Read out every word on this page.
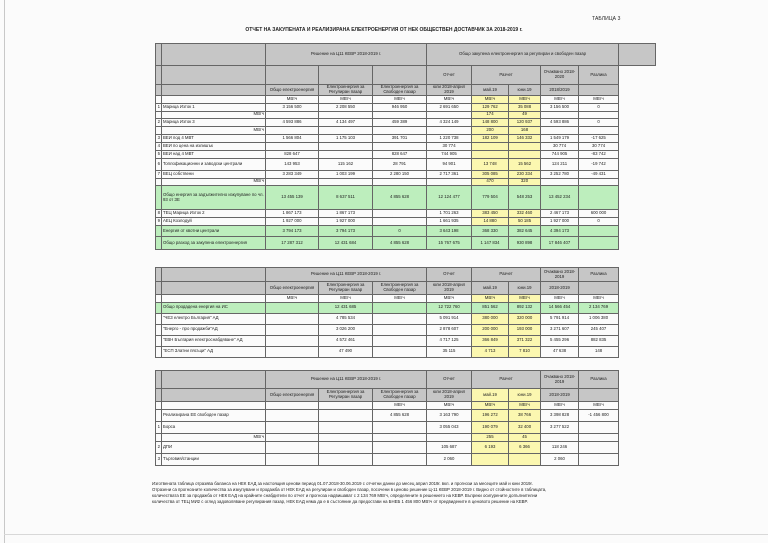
ТАБЛИЦА 3
ОТЧЕТ НА ЗАКУПЕНАТА И РЕАЛИЗИРАНА ЕЛЕКТРОЕНЕРГИЯ ОТ НЕК ОБЩЕСТВЕН ДОСТАВЧИК ЗА 2018-2019 г.
		Решение на Ц11 КЕВР 2018-2019 г.			Общо закупена електроенергия за регулиран и свободен пазар					
					Отчет	Разчет		Очаквано 2018-2020	Разлика	
		Общо електроенергия	Електроенергия за Регулиран пазар	Електроенергия за Свободен пазар	юли 2018-април 2019	май.19	юни.19	2018/2019		
		МВтч	МВтч	МВтч	МВтч	МВтч	МВтч	МВтч	МВтч	
1	Марица Изток 1	3 156 500	2 208 550	946 950	2 691 650	129 762	35 088	3 156 500	0	
	МВтч					174	49			
2	Марица Изток 3	4 593 886	4 134 497	459 389	4 324 149	148 800	120 937	4 593 886	0	
	МВтч					200	168			
3	ВЕИ под 4 МВТ	1 566 804	1 175 103	391 701	1 220 738	182 109	146 332	1 549 179	-17 625	
4	ВЕИ по цена на излишък				30 774			30 774	30 774	
5	ВЕИ над 4 МВТ	828 647		828 647	744 905			744 905	-83 742	
6	Топлофикационни и заводски централи	143 953	115 162	28 791	94 901	13 748	15 562	124 211	-19 742	
7	ВЕЦ собствени	3 283 349	1 003 199	2 280 150	2 717 361	305 085	230 334	3 252 780	-49 431	
	МВтч					470	320			
	Общо енергия за задължително изкупуване по чл. 93 от ЗЕ	13 455 139	8 637 511	4 855 628	12 124 477	779 504	548 253	13 452 234		
8	ТЕЦ Марица Изток 2	1 867 173	1 867 173		1 701 263	383 450	332 460	2 467 173	600 000	
9	АЕЦ Козлодуй	1 927 000	1 927 000		1 661 935	14 880	50 185	1 927 000	0	
	Енергия от квотни централи	3 794 173	3 794 173	0	3 643 198	368 330	382 645	4 394 173		
	Общо разход за закупена електроенергия	17 287 312	12 431 684	4 855 628	15 767 675	1 147 834	930 898	17 846 407		
		Решение на Ц11 КЕВР 2018-2019 г.			Отчет	Разчет		Очаквано 2018-2019	Разлика
		Общо електроенергия	Електроенергия за Регулиран пазар	Електроенергия за Свободен пазар	юли 2018-април 2019	май.19	юни.19	2018-2019	
		МВтч	МВтч	МВтч	МВтч	МВтч	МВтч	МВтч	МВтч
	Общо продадена енергия на ИС		12 431 685		12 722 760	851 562	892 132	14 566 454	2 134 769
	"ЧЕЗ електро България" АД		4 785 534		5 091 914	380 000	320 000	5 791 914	1 006 380
	"Енерго - про продажби"АД		3 026 200		2 878 607	200 000	193 000	3 271 607	245 407
	"ЕВН България електроснабдяване" АД		4 572 461		4 717 125	366 849	371 322	5 455 296	882 835
	"ЕСП Златни пясъци" АД		47 490		35 115	4 713	7 810	47 638	148
		Решение на Ц11 КЕВР 2018-2019 г.			Отчет	Разчет		Очаквано 2018-2019	Разлика
		Общо електроенергия	Електроенергия за Регулиран пазар	Електроенергия за Свободен пазар	юли 2018-април 2019	май.19	юни.19	2018-2019	
				МВтч	МВтч	МВтч	МВтч	МВтч	МВтч
	Реализирана ЕЕ свободен пазар			4 855 628	3 163 790	196 272	38 766	3 398 828	-1 456 800
1	Борса				3 055 043	190 079	32 400	3 277 522	
	МВтч					255	45		
2	ДПИ				105 687	6 193	6 366	118 246	
3	Търговия/станции				2 060			2 060	
Изготвената таблица отразява баланса на НЕК ЕАД за настоящия ценови период 01.07.2018-30.06.2019 с отчетни данни до месец април 2019г. вкл. и прогнози за месеците май и юни 2019г.
Отразени са прогнозните количества за изкупуване и продажба от НЕК ЕАД на регулиран и свободен пазар, посочени в ценово решение Ц-11 КЕВР 2018-2019 г. Видно от стойностите в таблицата,
количествата ЕЕ за продажба от НЕК ЕАД на крайните снабдители по отчет и прогноза надвишават с 2 134 769 МВтч, определените в решението на КЕВР. Въпреки осигурените допълнителни
количества от ТЕЦ МИ2 с оглед задоволяване регулирания пазар, НЕК ЕАД няма да е в състояние да предостави на БНЕБ 1 456 800 МВтч от предвидените в ценовото решение на КЕВР.
